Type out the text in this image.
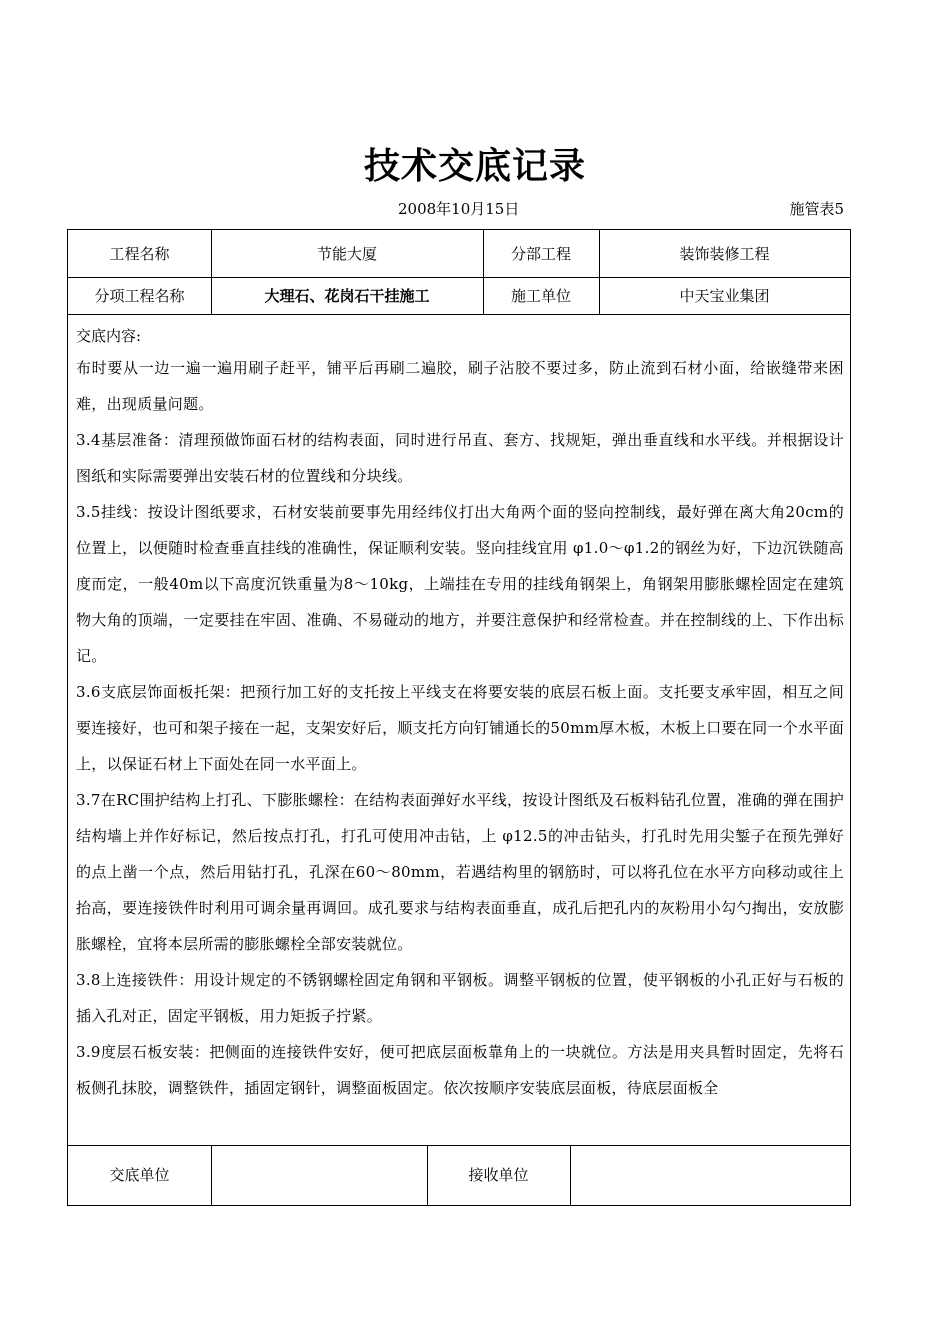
技术交底记录
2008年10月15日	施管表5
工程名称	节能大厦	分部工程	装饰装修工程
分项工程名称	大理石、花岗石干挂施工	施工单位	中天宝业集团
交底内容:

布时要从一边一遍一遍用刷子赶平，铺平后再刷二遍胶，刷子沾胶不要过多，防止流到石材小面，给嵌缝带来困难，出现质量问题。

3.4基层准备：清理预做饰面石材的结构表面，同时进行吊直、套方、找规矩，弹出垂直线和水平线。并根据设计图纸和实际需要弹出安装石材的位置线和分块线。

3.5挂线：按设计图纸要求，石材安装前要事先用经纬仪打出大角两个面的竖向控制线，最好弹在离大角20cm的位置上，以便随时检查垂直挂线的准确性，保证顺利安装。竖向挂线宜用 φ1.0～φ1.2的钢丝为好，下边沉铁随高度而定，一般40m以下高度沉铁重量为8～10kg，上端挂在专用的挂线角钢架上，角钢架用膨胀螺栓固定在建筑物大角的顶端，一定要挂在牢固、准确、不易碰动的地方，并要注意保护和经常检查。并在控制线的上、下作出标记。

3.6支底层饰面板托架：把预行加工好的支托按上平线支在将要安装的底层石板上面。支托要支承牢固，相互之间要连接好，也可和架子接在一起，支架安好后，顺支托方向钉铺通长的50mm厚木板，木板上口要在同一个水平面上，以保证石材上下面处在同一水平面上。

3.7在RC围护结构上打孔、下膨胀螺栓：在结构表面弹好水平线，按设计图纸及石板料钻孔位置，准确的弹在围护结构墙上并作好标记，然后按点打孔，打孔可使用冲击钻，上 φ12.5的冲击钻头，打孔时先用尖錾子在预先弹好的点上凿一个点，然后用钻打孔，孔深在60～80mm，若遇结构里的钢筋时，可以将孔位在水平方向移动或往上抬高，要连接铁件时利用可调余量再调回。成孔要求与结构表面垂直，成孔后把孔内的灰粉用小勾勺掏出，安放膨胀螺栓，宜将本层所需的膨胀螺栓全部安装就位。

3.8上连接铁件：用设计规定的不锈钢螺栓固定角钢和平钢板。调整平钢板的位置，使平钢板的小孔正好与石板的插入孔对正，固定平钢板，用力矩扳子拧紧。

3.9度层石板安装：把侧面的连接铁件安好，便可把底层面板靠角上的一块就位。方法是用夹具暂时固定，先将石板侧孔抹胶，调整铁件，插固定钢针，调整面板固定。依次按顺序安装底层面板，待底层面板全

交底单位	接收单位
